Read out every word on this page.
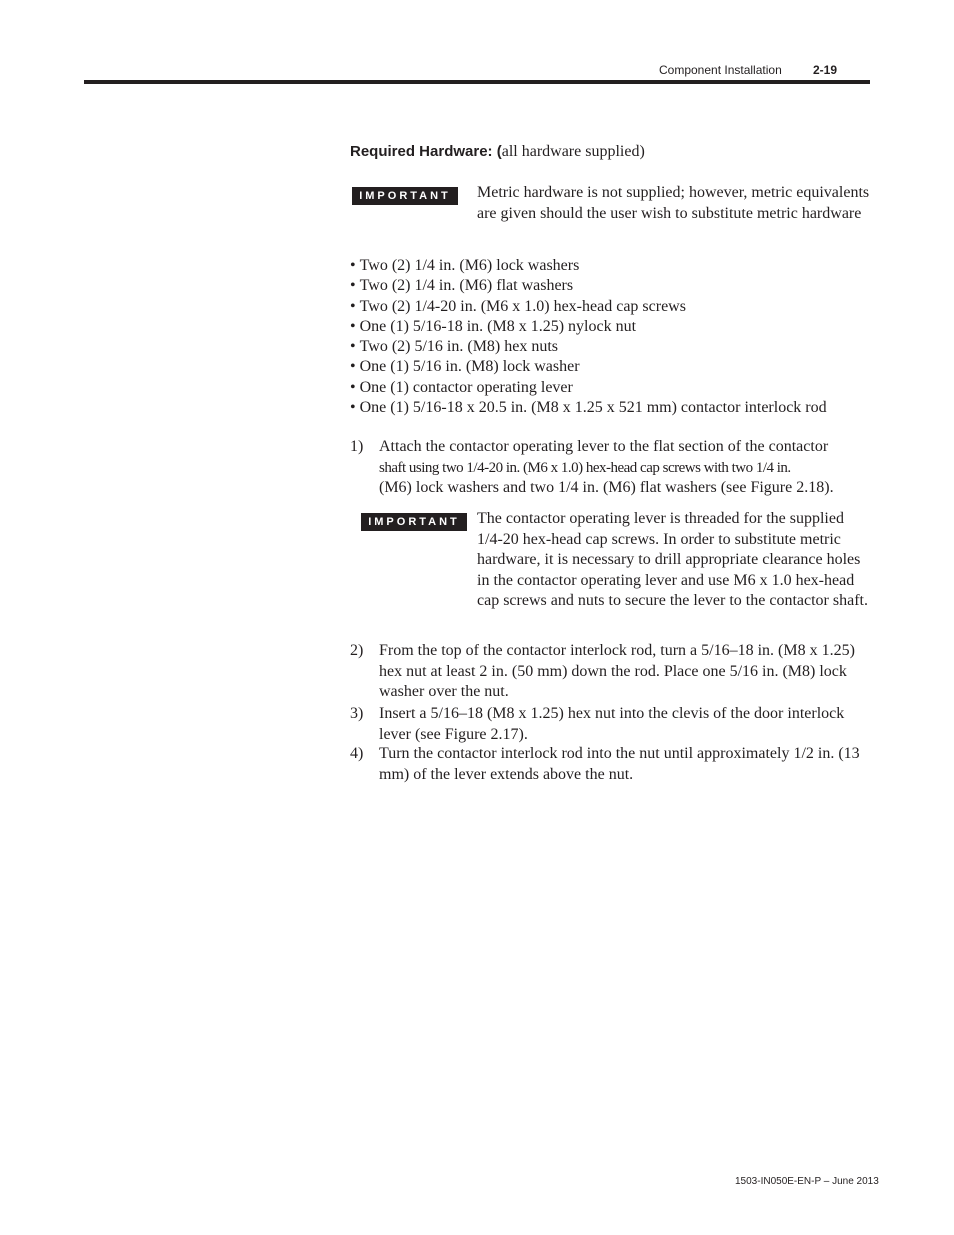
Component Installation	2-19
Required Hardware: (all hardware supplied)
IMPORTANT	Metric hardware is not supplied; however, metric equivalents are given should the user wish to substitute metric hardware
• Two (2) 1/4 in. (M6) lock washers
• Two (2) 1/4 in. (M6) flat washers
• Two (2) 1/4-20 in. (M6 x 1.0) hex-head cap screws
• One (1) 5/16-18 in. (M8 x 1.25) nylock nut
• Two (2) 5/16 in. (M8) hex nuts
• One (1) 5/16 in. (M8) lock washer
• One (1) contactor operating lever
• One (1) 5/16-18 x 20.5 in. (M8 x 1.25 x 521 mm) contactor interlock rod
1) Attach the contactor operating lever to the flat section of the contactor
shaft using two 1/4-20 in. (M6 x 1.0) hex-head cap screws with two 1/4 in.
(M6) lock washers and two 1/4 in. (M6) flat washers (see Figure 2.18).
IMPORTANT	The contactor operating lever is threaded for the supplied 1/4-20 hex-head cap screws. In order to substitute metric hardware, it is necessary to drill appropriate clearance holes in the contactor operating lever and use M6 x 1.0 hex-head cap screws and nuts to secure the lever to the contactor shaft.
2) From the top of the contactor interlock rod, turn a 5/16–18 in. (M8 x 1.25) hex nut at least 2 in. (50 mm) down the rod. Place one 5/16 in. (M8) lock washer over the nut.
3) Insert a 5/16–18 (M8 x 1.25) hex nut into the clevis of the door interlock lever (see Figure 2.17).
4) Turn the contactor interlock rod into the nut until approximately 1/2 in. (13 mm) of the lever extends above the nut.
1503-IN050E-EN-P – June 2013
